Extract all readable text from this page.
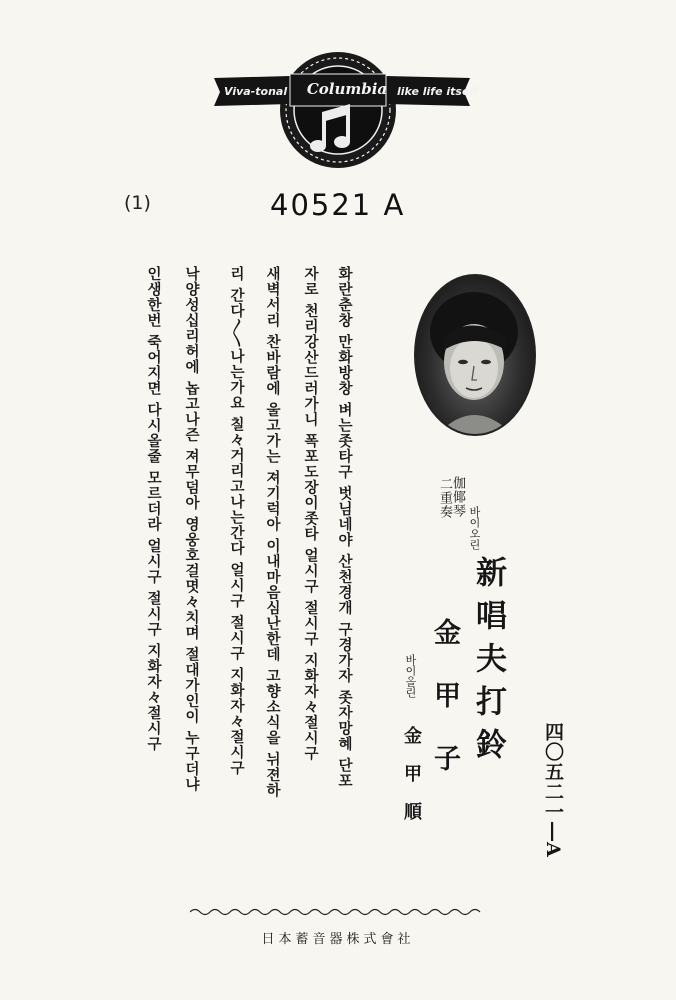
Viva-tonal	Columbia like life itself
(1)	40521 A
四〇五二一―A
바이오린
伽倻琴
二重奏
新唱夫打鈴
金甲子
바이올린
金甲順
화란춘창 만화방창 벼는좃타구 벗님네야 산천경개 구경가자 좃자망혜 단포
자로 천리강산드러가니 폭포도장이좃타 얼시구 절시구 지화자々절시구
새벽서리 찬바람에 울고가는 져기럭아 이내마음심난한데 고향소식을 뉘젼하
리 간다〱나는가요 칠々거리고나는간다 얼시구 절시구 지화자々절시구
낙양성십리허에 놉고나즌 져무덤아 영웅호걸몃々치며 절대가인이 누구더냐
인생한번 죽어지면 다시올줄 모르더라 얼시구 절시구 지화자々절시구
日本蓄音器株式會社
